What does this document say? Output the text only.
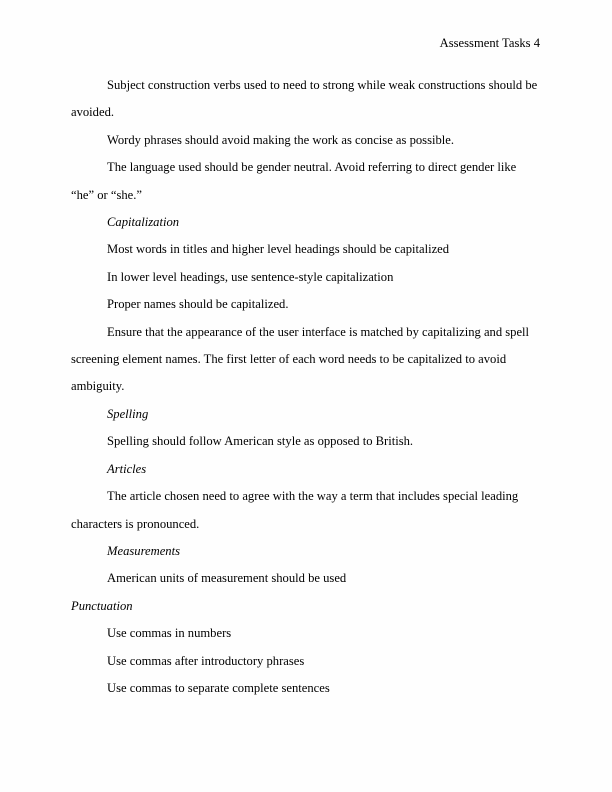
Assessment Tasks 4

Subject construction verbs used to need to strong while weak constructions should be avoided.

Wordy phrases should avoid making the work as concise as possible.

The language used should be gender neutral. Avoid referring to direct gender like “he” or “she.”

Capitalization

Most words in titles and higher level headings should be capitalized

In lower level headings, use sentence-style capitalization

Proper names should be capitalized.

Ensure that the appearance of the user interface is matched by capitalizing and spell screening element names. The first letter of each word needs to be capitalized to avoid ambiguity.

Spelling

Spelling should follow American style as opposed to British.

Articles

The article chosen need to agree with the way a term that includes special leading characters is pronounced.

Measurements

American units of measurement should be used

Punctuation

Use commas in numbers

Use commas after introductory phrases

Use commas to separate complete sentences
